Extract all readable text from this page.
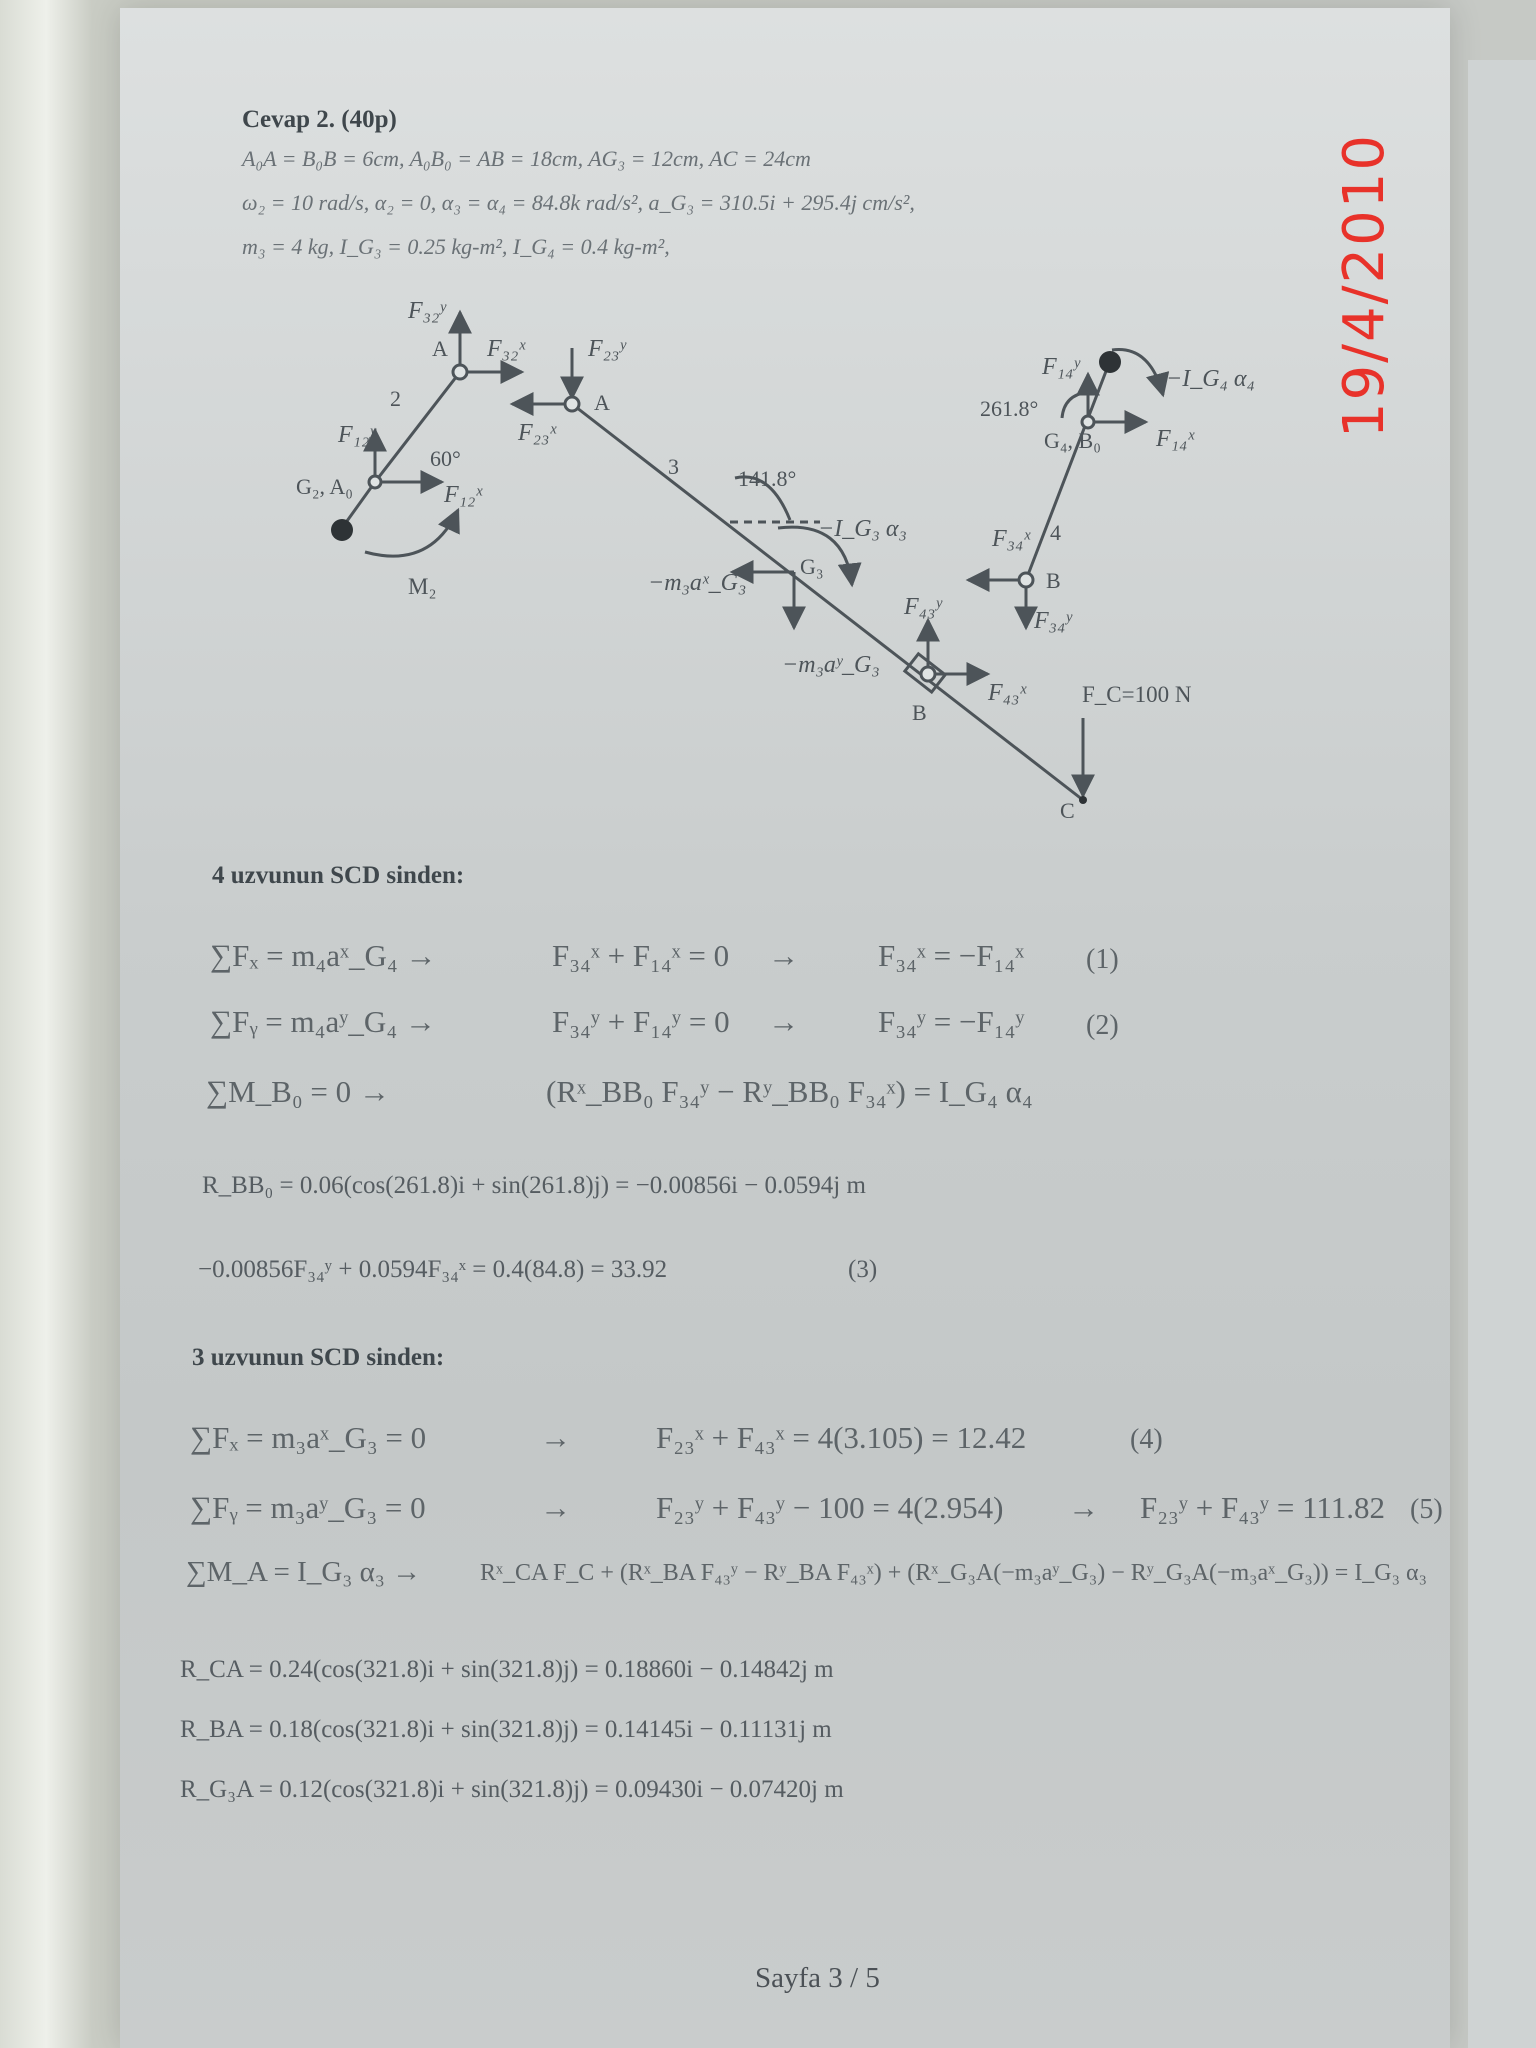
19/4/2010
Cevap 2. (40p)
A₀A = B₀B = 6cm, A₀B₀ = AB = 18cm, AG₃ = 12cm, AC = 24cm
ω₂ = 10 rad/s, α₂ = 0, α₃ = α₄ = 84.8k rad/s², a_G₃ = 310.5i + 295.4j cm/s²,
m₃ = 4 kg, I_G₃ = 0.25 kg-m², I_G₄ = 0.4 kg-m²,
F₃₂ʸ
A F₃₂ˣ
2
F₁₂ʸ
60°
G₂, A₀	F₁₂ˣ
M₂
F₂₃ʸ
A
F₂₃ˣ
3	141.8°
−I_G₃ α₃
G₃
−m₃aˣ_G₃
−m₃aʸ_G₃
F₄₃ʸ
F₄₃ˣ
B
F_C=100 N
C
F₁₄ʸ	−I_G₄ α₄
261.8°
G₄, B₀ F₁₄ˣ
4
F₃₄ˣ
B
F₃₄ʸ
4 uzvunun SCD sinden:
∑Fₓ = m₄aˣ_G₄ →	F₃₄ˣ + F₁₄ˣ = 0 →	F₃₄ˣ = −F₁₄ˣ (1)
∑Fᵧ = m₄aʸ_G₄ →	F₃₄ʸ + F₁₄ʸ = 0 →	F₃₄ʸ = −F₁₄ʸ (2)
∑M_B₀ = 0 →	(Rˣ_BB₀ F₃₄ʸ − Rʸ_BB₀ F₃₄ˣ) = I_G₄ α₄
R_BB₀ = 0.06(cos(261.8)i + sin(261.8)j) = −0.00856i − 0.0594j m
−0.00856F₃₄ʸ + 0.0594F₃₄ˣ = 0.4(84.8) = 33.92	(3)
3 uzvunun SCD sinden:
∑Fₓ = m₃aˣ_G₃ = 0	→	F₂₃ˣ + F₄₃ˣ = 4(3.105) = 12.42	(4)
∑Fᵧ = m₃aʸ_G₃ = 0	→	F₂₃ʸ + F₄₃ʸ − 100 = 4(2.954) → F₂₃ʸ + F₄₃ʸ = 111.82 (5)
∑M_A = I_G₃ α₃ → Rˣ_CA F_C + (Rˣ_BA F₄₃ʸ − Rʸ_BA F₄₃ˣ) + (Rˣ_G₃A(−m₃aʸ_G₃) − Rʸ_G₃A(−m₃aˣ_G₃)) = I_G₃ α₃
R_CA = 0.24(cos(321.8)i + sin(321.8)j) = 0.18860i − 0.14842j m
R_BA = 0.18(cos(321.8)i + sin(321.8)j) = 0.14145i − 0.11131j m
R_G₃A = 0.12(cos(321.8)i + sin(321.8)j) = 0.09430i − 0.07420j m
Sayfa 3 / 5
